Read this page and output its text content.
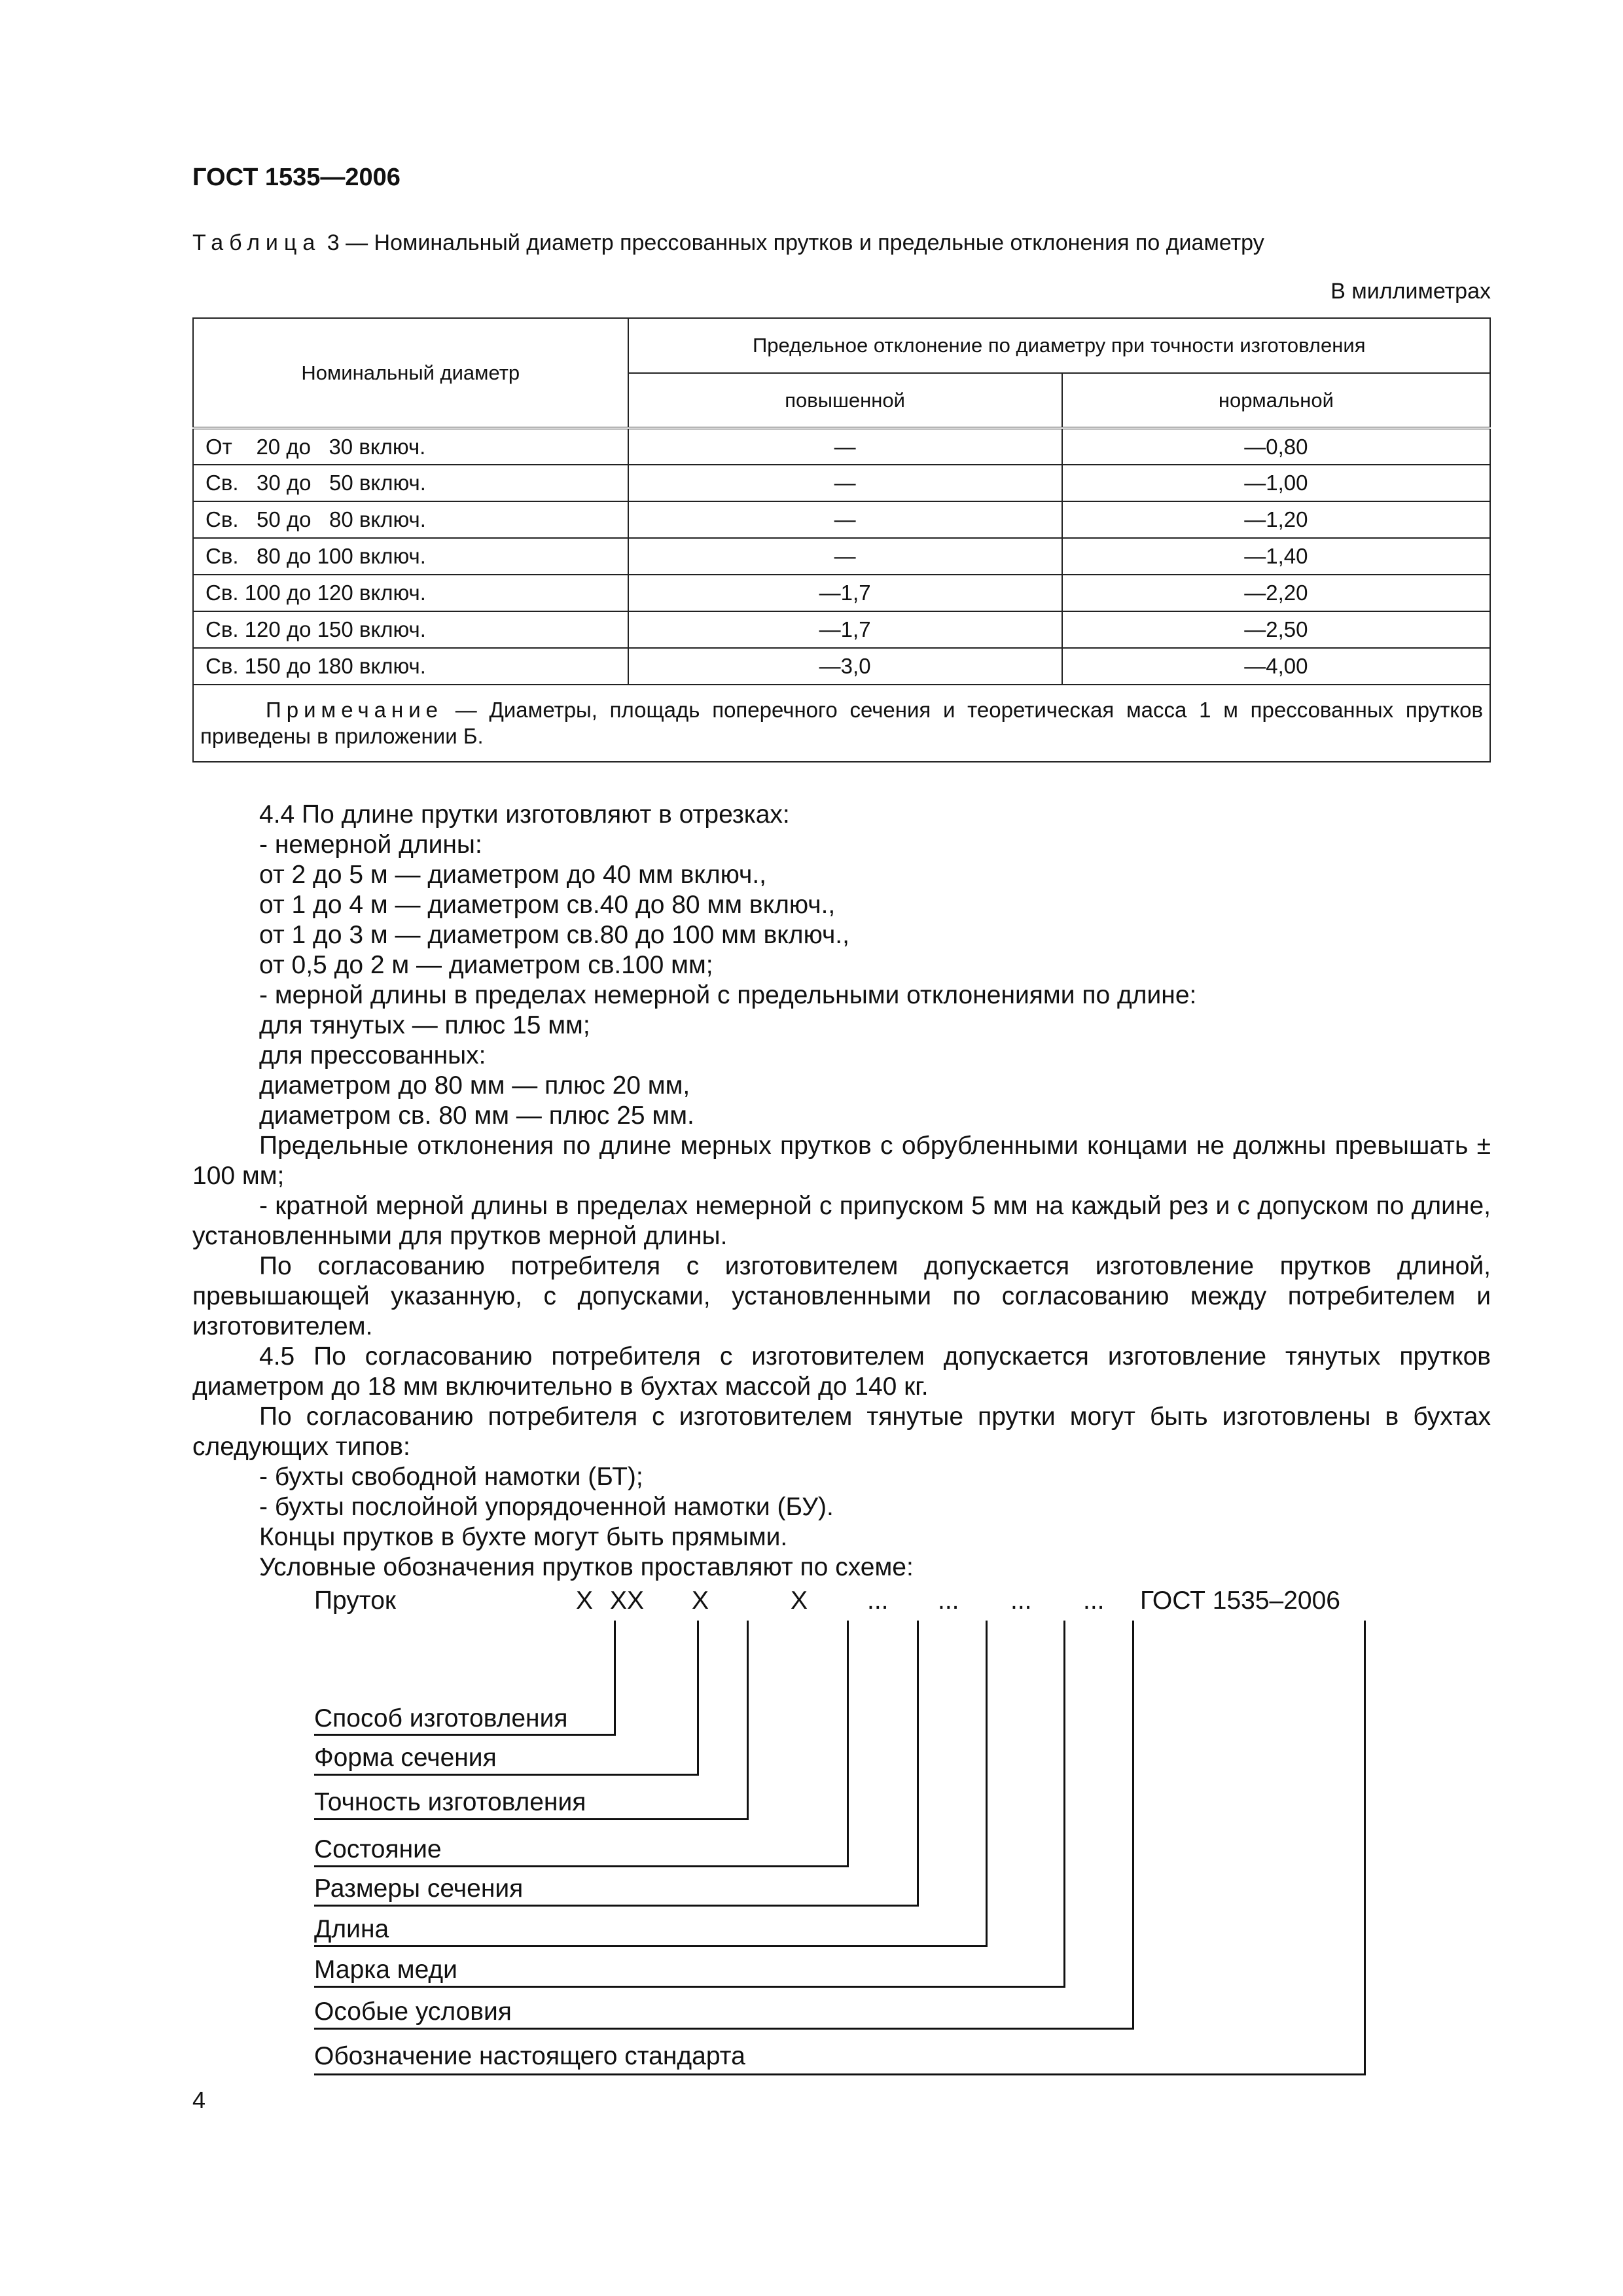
ГОСТ 1535—2006
Таблица 3 — Номинальный диаметр прессованных прутков и предельные отклонения по диаметру
В миллиметрах
Номинальный диаметр	Предельное отклонение по диаметру при точности изготовления	
	повышенной	нормальной
От    20 до   30 включ.	—	—0,80
Св.   30 до   50 включ.	—	—1,00
Св.   50 до   80 включ.	—	—1,20
Св.   80 до 100 включ.	—	—1,40
Св. 100 до 120 включ.	—1,7	—2,20
Св. 120 до 150 включ.	—1,7	—2,50
Св. 150 до 180 включ.	—3,0	—4,00
Примечание — Диаметры, площадь поперечного сечения и теоретическая масса 1 м прессованных прутков приведены в приложении Б.		

4.4 По длине прутки изготовляют в отрезках:

- немерной длины:

от 2 до 5 м — диаметром до 40 мм включ.,

от 1 до 4 м — диаметром св.40 до 80 мм включ.,

от 1 до 3 м — диаметром св.80 до 100 мм включ.,

от 0,5 до 2 м — диаметром св.100 мм;

- мерной длины в пределах немерной с предельными отклонениями по длине:

для тянутых — плюс 15 мм;

для прессованных:

диаметром до 80 мм — плюс 20 мм,

диаметром св. 80 мм — плюс 25 мм.

Предельные отклонения по длине мерных прутков с обрубленными концами не должны превышать ± 100 мм;

- кратной мерной длины в пределах немерной с припуском 5 мм на каждый рез и с допуском по длине, установленными для прутков мерной длины.

По согласованию потребителя с изготовителем допускается изготовление прутков длиной, превышающей указанную, с допусками, установленными по согласованию между потребителем и изготовителем.

4.5 По согласованию потребителя с изготовителем допускается изготовление тянутых прутков диаметром до 18 мм включительно в бухтах массой до 140 кг.

По согласованию потребителя с изготовителем тянутые прутки могут быть изготовлены в бухтах следующих типов:

- бухты свободной намотки (БТ);

- бухты послойной упорядоченной намотки (БУ).

Концы прутков в бухте могут быть прямыми.

Условные обозначения прутков проставляют по схеме:

Пруток	Х ХХ Х	Х ... ... ... ... ГОСТ 1535–2006
Способ изготовления
Форма сечения
Точность изготовления
Состояние
Размеры сечения
Длина
Марка меди
Особые условия
Обозначение настоящего стандарта
4
